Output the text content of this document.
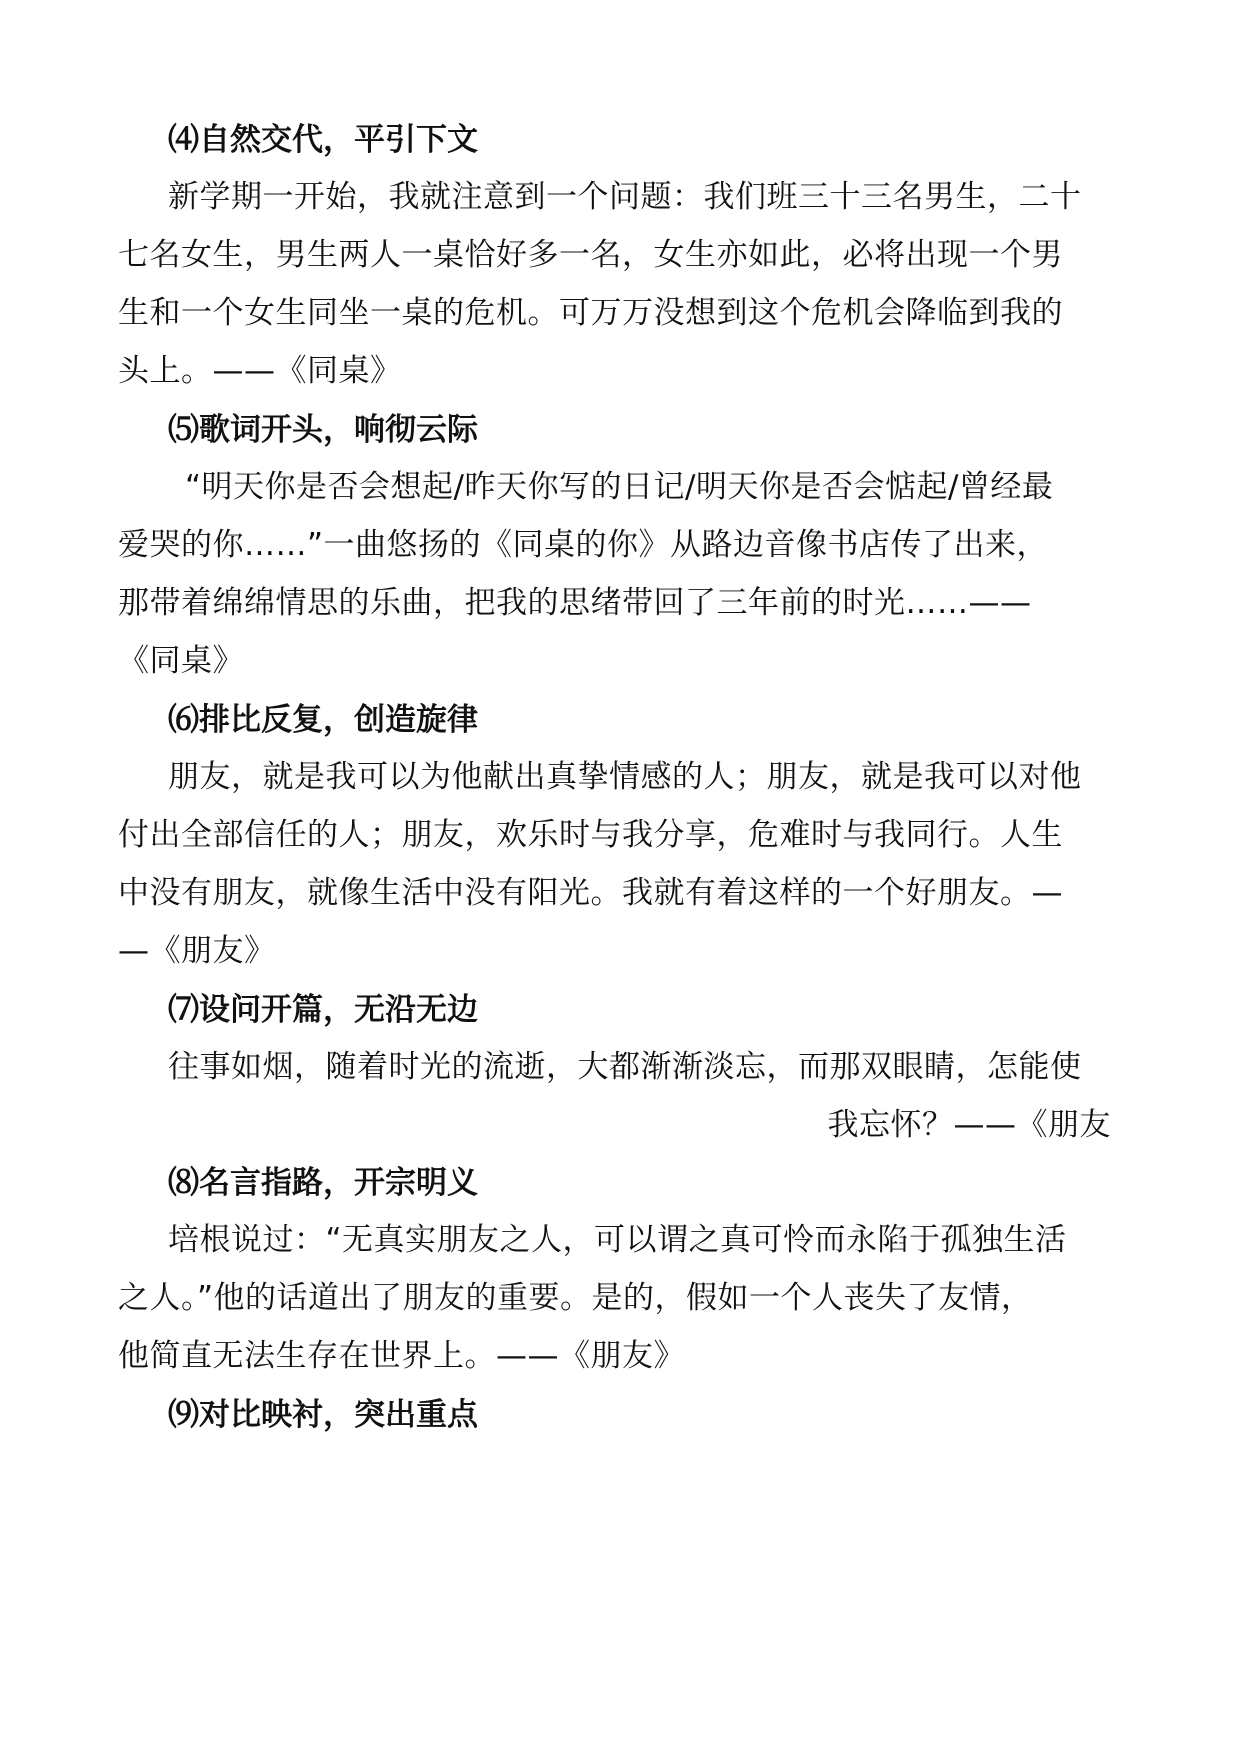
⑷自然交代，平引下文
新学期一开始，我就注意到一个问题：我们班三十三名男生，二十
七名女生，男生两人一桌恰好多一名，女生亦如此，必将出现一个男
生和一个女生同坐一桌的危机。可万万没想到这个危机会降临到我的
头上。——《同桌》
⑸歌词开头，响彻云际
“明天你是否会想起/昨天你写的日记/明天你是否会惦起/曾经最
爱哭的你……”一曲悠扬的《同桌的你》从路边音像书店传了出来，
那带着绵绵情思的乐曲，把我的思绪带回了三年前的时光……——
《同桌》
⑹排比反复，创造旋律
朋友，就是我可以为他献出真挚情感的人；朋友，就是我可以对他
付出全部信任的人；朋友，欢乐时与我分享，危难时与我同行。人生
中没有朋友，就像生活中没有阳光。我就有着这样的一个好朋友。—
—《朋友》
⑺设问开篇，无沿无边
往事如烟，随着时光的流逝，大都渐渐淡忘，而那双眼睛，怎能使
我忘怀？——《朋友
⑻名言指路，开宗明义
培根说过：“无真实朋友之人，可以谓之真可怜而永陷于孤独生活
之人。”他的话道出了朋友的重要。是的，假如一个人丧失了友情，
他简直无法生存在世界上。——《朋友》
⑼对比映衬，突出重点
